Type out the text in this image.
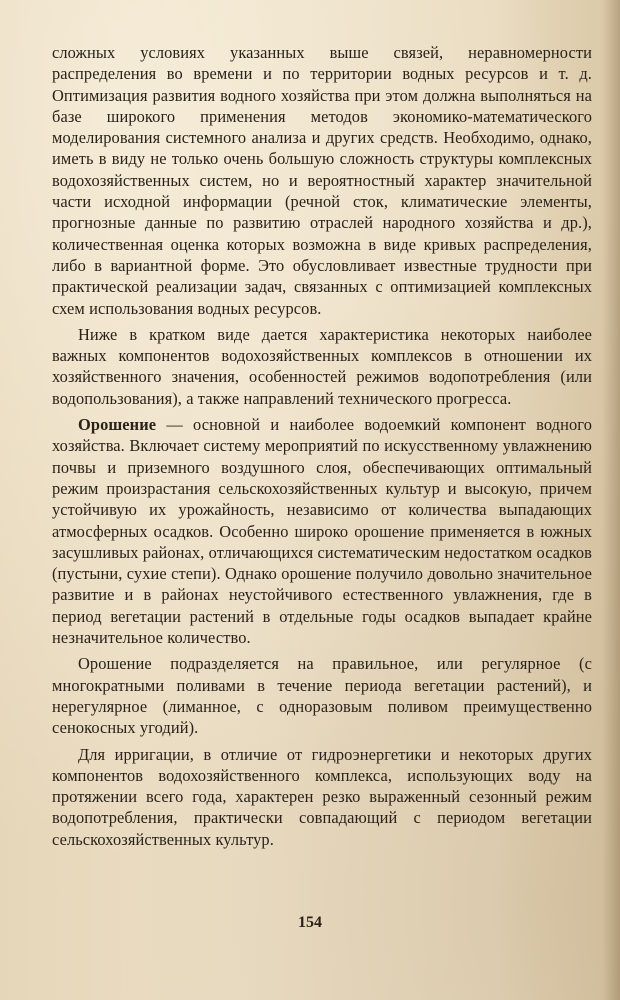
сложных условиях указанных выше связей, неравномерности распределения во времени и по территории водных ресурсов и т. д. Оптимизация развития водного хозяйства при этом должна выполняться на базе широкого применения методов экономико-математического моделирования системного анализа и других средств. Необходимо, однако, иметь в виду не только очень большую сложность структуры комплексных водохозяйственных систем, но и вероятностный характер значительной части исходной информации (речной сток, климатические элементы, прогнозные данные по развитию отраслей народного хозяйства и др.), количественная оценка которых возможна в виде кривых распределения, либо в вариантной форме. Это обусловливает известные трудности при практической реализации задач, связанных с оптимизацией комплексных схем использования водных ресурсов.

Ниже в кратком виде дается характеристика некоторых наиболее важных компонентов водохозяйственных комплексов в отношении их хозяйственного значения, особенностей режимов водопотребления (или водопользования), а также направлений технического прогресса.

Орошение — основной и наиболее водоемкий компонент водного хозяйства. Включает систему мероприятий по искусственному увлажнению почвы и приземного воздушного слоя, обеспечивающих оптимальный режим произрастания сельскохозяйственных культур и высокую, причем устойчивую их урожайность, независимо от количества выпадающих атмосферных осадков. Особенно широко орошение применяется в южных засушливых районах, отличающихся систематическим недостатком осадков (пустыни, сухие степи). Однако орошение получило довольно значительное развитие и в районах неустойчивого естественного увлажнения, где в период вегетации растений в отдельные годы осадков выпадает крайне незначительное количество.

Орошение подразделяется на правильное, или регулярное (с многократными поливами в течение периода вегетации растений), и нерегулярное (лиманное, с одноразовым поливом преимущественно сенокосных угодий).

Для ирригации, в отличие от гидроэнергетики и некоторых других компонентов водохозяйственного комплекса, использующих воду на протяжении всего года, характерен резко выраженный сезонный режим водопотребления, практически совпадающий с периодом вегетации сельскохозяйственных культур.

154
